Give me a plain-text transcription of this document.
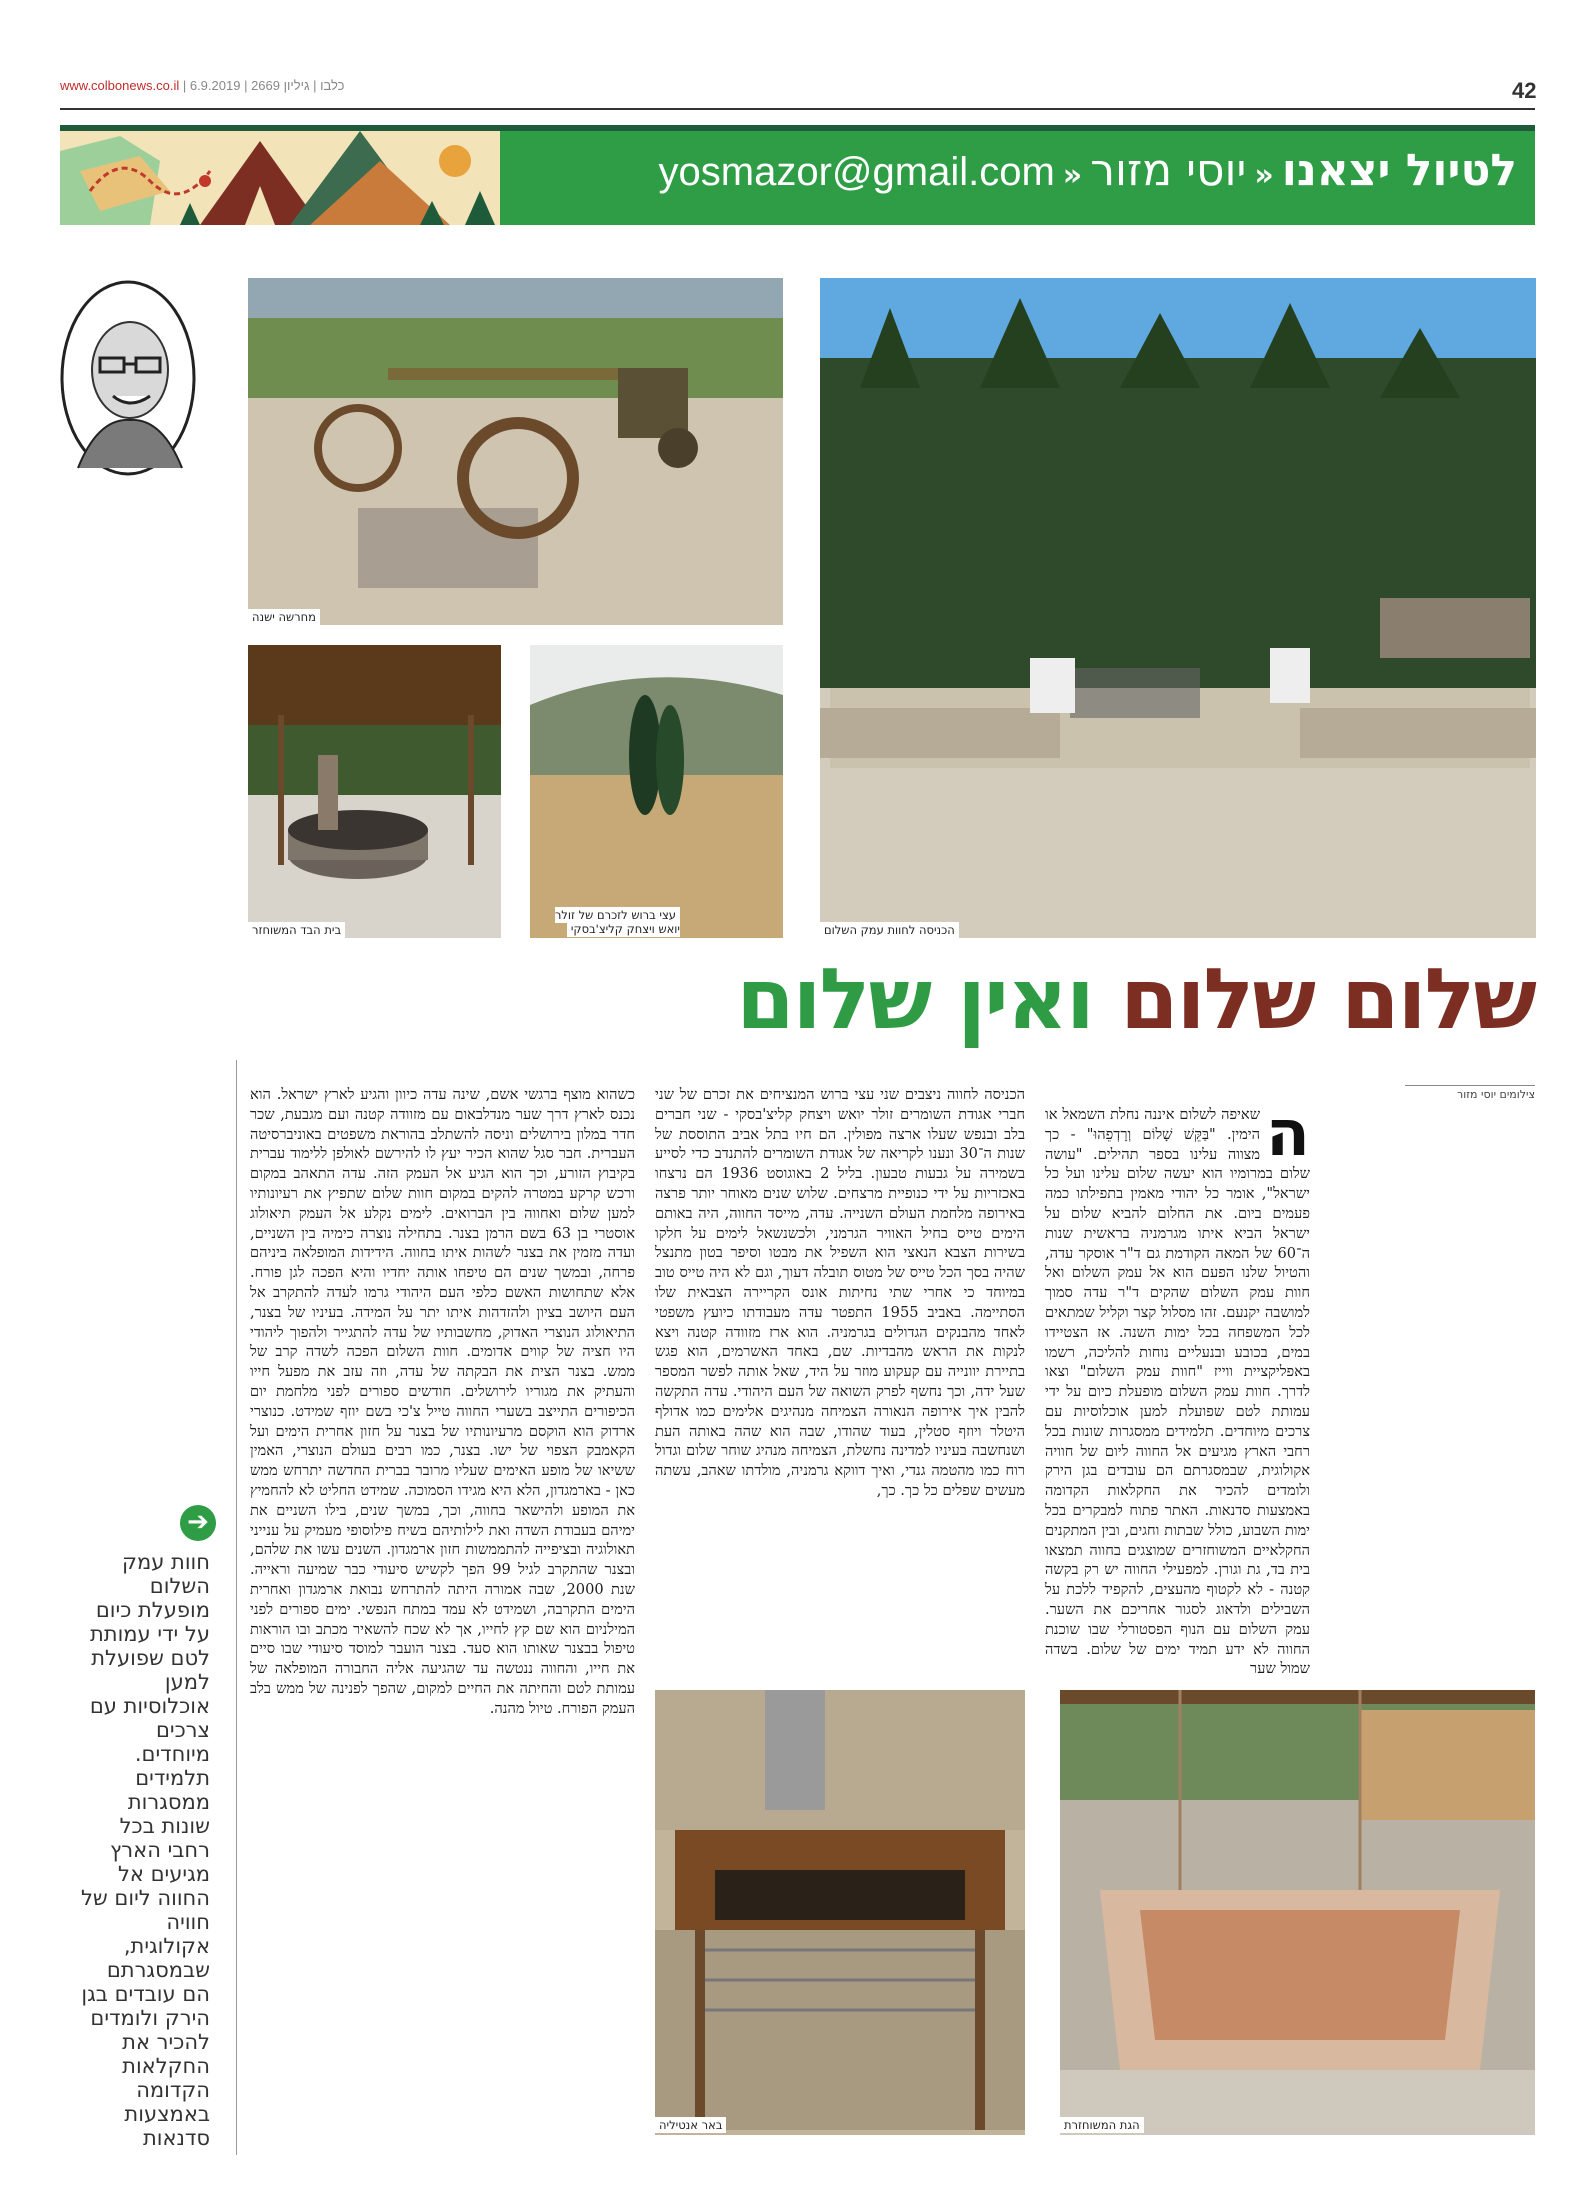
www.colbonews.co.il | כלבו | גיליון 2669 | 6.9.2019	42
לטיול יצאנו«יוסי מזור«yosmazor@gmail.com
מחרשה ישנה
הכניסה לחוות עמק השלום
בית הבד המשוחזר
עצי ברוש לזכרם של זולר יואש ויצחק קליצ'בסקי
שלום שלום ואין שלום
צילומים יוסי מזור
ה

שאיפה לשלום איננה נחלת השמאל או הימין. "בַּקֵּשׁ שָׁלוֹם וְרָדְפֵהוּ" - כך מצווה עלינו בספר תהילים. "עושה שלום במרומיו הוא יעשה שלום עלינו ועל כל ישראל", אומר כל יהודי מאמין בתפילתו כמה פעמים ביום. את החלום להביא שלום על ישראל הביא איתו מגרמניה בראשית שנות ה־60 של המאה הקודמת גם ד"ר אוסקר עדה, והטיול שלנו הפעם הוא אל עמק השלום ואל חוות עמק השלום שהקים ד"ר עדה סמוך למושבה יקנעם. זהו מסלול קצר וקליל שמתאים לכל המשפחה בכל ימות השנה. אז הצטיידו במים, בכובע ובנעליים נוחות להליכה, רשמו באפליקציית ווייז "חוות עמק השלום" וצאו לדרך. חוות עמק השלום מופעלת כיום על ידי עמותת לטם שפועלת למען אוכלוסיות עם צרכים מיוחדים. תלמידים ממסגרות שונות בכל רחבי הארץ מגיעים אל החווה ליום של חוויה אקולוגית, שבמסגרתם הם עובדים בגן הירק ולומדים להכיר את החקלאות הקדומה באמצעות סדנאות. האתר פתוח למבקרים בכל ימות השבוע, כולל שבתות וחגים, ובין המתקנים החקלאיים המשוחזרים שמוצגים בחווה תמצאו בית בד, גת וגורן. למפעילי החווה יש רק בקשה קטנה - לא לקטוף מהעצים, להקפיד ללכת על השבילים ולדאוג לסגור אחריכם את השער. עמק השלום עם הנוף הפסטורלי שבו שוכנת החווה לא ידע תמיד ימים של שלום. בשדה שמול שער

הכניסה לחווה ניצבים שני עצי ברוש המנציחים את זכרם של שני חברי אגודת השומרים זולר יואש ויצחק קליצ'בסקי - שני חברים בלב ובנפש שעלו ארצה מפולין. הם חיו בתל אביב התוססת של שנות ה־30 ונענו לקריאה של אגודת השומרים להתנדב כדי לסייע בשמירה על גבעות טבעון. בליל 2 באוגוסט 1936 הם נרצחו באכזריות על ידי כנופיית מרצחים. שלוש שנים מאוחר יותר פרצה באירופה מלחמת העולם השנייה. עדה, מייסד החווה, היה באותם הימים טייס בחיל האוויר הגרמני, ולכשנשאל לימים על חלקו בשירות הצבא הנאצי הוא השפיל את מבטו וסיפר בטון מתנצל שהיה בסך הכל טייס של מטוס תובלה דעוך, וגם לא היה טייס טוב במיוחד כי אחרי שתי נחיתות אונס הקריירה הצבאית שלו הסתיימה. באביב 1955 התפטר עדה מעבודתו כיועץ משפטי לאחד מהבנקים הגדולים בגרמניה. הוא ארז מזוודה קטנה ויצא לנקות את הראש מהבדיות. שם, באחד האשרמים, הוא פגש בתיירת יוונייה עם קעקוע מוזר על היד, שאל אותה לפשר המספר שעל ידה, וכך נחשף לפרק השואה של העם היהודי. עדה התקשה להבין איך אירופה הנאורה הצמיחה מנהיגים אלימים כמו אדולף היטלר ויוזף סטלין, בעוד שהודו, שבה הוא שהה באותה העת ושנחשבה בעיניו למדינה נחשלת, הצמיחה מנהיג שוחר שלום וגדול רוח כמו מהטמה גנדי, ואיך דווקא גרמניה, מולדתו שאהב, עשתה מעשים שפלים כל כך. כך,

כשהוא מוצף ברגשי אשם, שינה עדה כיוון והגיע לארץ ישראל. הוא נכנס לארץ דרך שער מנדלבאום עם מזוודה קטנה ועם מגבעת, שכר חדר במלון בירושלים וניסה להשתלב בהוראת משפטים באוניברסיטה העברית. חבר סגל שהוא הכיר יעץ לו להירשם לאולפן ללימוד עברית בקיבוץ הזורע, וכך הוא הגיע אל העמק הזה. עדה התאהב במקום ורכש קרקע במטרה להקים במקום חוות שלום שתפיץ את רעיונותיו למען שלום ואחווה בין הברואים. לימים נקלע אל העמק תיאולוג אוסטרי בן 63 בשם הרמן בצנר. בתחילה נוצרה כימיה בין השניים, ועדה מזמין את בצנר לשהות איתו בחווה. הידידות המופלאה ביניהם פרחה, ובמשך שנים הם טיפחו אותה יחדיו והיא הפכה לגן פורח. אלא שתחושות האשם כלפי העם היהודי גרמו לעדה להתקרב אל העם היושב בציון ולהזדהות איתו יתר על המידה. בעיניו של בצנר, התיאולוג הנוצרי האדוק, מחשבותיו של עדה להתגייר ולהפוך ליהודי היו חציה של קווים אדומים. חוות השלום הפכה לשדה קרב של ממש. בצנר הצית את הבקתה של עדה, וזה עזב את מפעל חייו והעתיק את מגוריו לירושלים. חודשים ספורים לפני מלחמת יום הכיפורים התייצב בשערי החווה טייל צ'כי בשם יוזף שמידט. כנוצרי ארדוק הוא הוקסם מרעיונותיו של בצנר על חזון אחרית הימים ועל הקאמבק הצפוי של ישו. בצנר, כמו רבים בעולם הנוצרי, האמין ששיאו של מופע האימים שעליו מרובר בברית החדשה יתרחש ממש כאן - בארמגדון, הלא היא מגידו הסמוכה. שמידט החליט לא להחמיץ את המופע ולהישאר בחווה, וכך, במשך שנים, בילו השניים את ימיהם בעבודת השדה ואת לילותיהם בשיח פילוסופי מעמיק על ענייני תאולוגיה ובציפייה להתממשות חזון ארמגדון. השנים עשו את שלהם, ובצנר שהתקרב לגיל 99 הפך לקשיש סיעודי כבר שמיעה וראייה. שנת 2000, שבה אמורה היתה להתרחש נבואת ארמגדון ואחרית הימים התקרבה, ושמידט לא עמד במתח הנפשי. ימים ספורים לפני המילניום הוא שם קץ לחייו, אך לא שכח להשאיר מכתב ובו הוראות טיפול בבצנר שאותו הוא סעד. בצנר הועבר למוסד סיעודי שבו סיים את חייו, והחווה ננטשה עד שהגיעה אליה החבורה המופלאה של עמותת לטם והחיתה את החיים למקום, שהפך לפנינה של ממש בלב העמק הפורח. טיול מהנה.

באר אנטיליה	הגת המשוחזרת
➔
חוות עמק השלום מופעלת כיום על ידי עמותת לטם שפועלת למען אוכלוסיות עם צרכים מיוחדים. תלמידים ממסגרות שונות בכל רחבי הארץ מגיעים אל החווה ליום של חוויה אקולוגית, שבמסגרתם הם עובדים בגן הירק ולומדים להכיר את החקלאות הקדומה באמצעות סדנאות
